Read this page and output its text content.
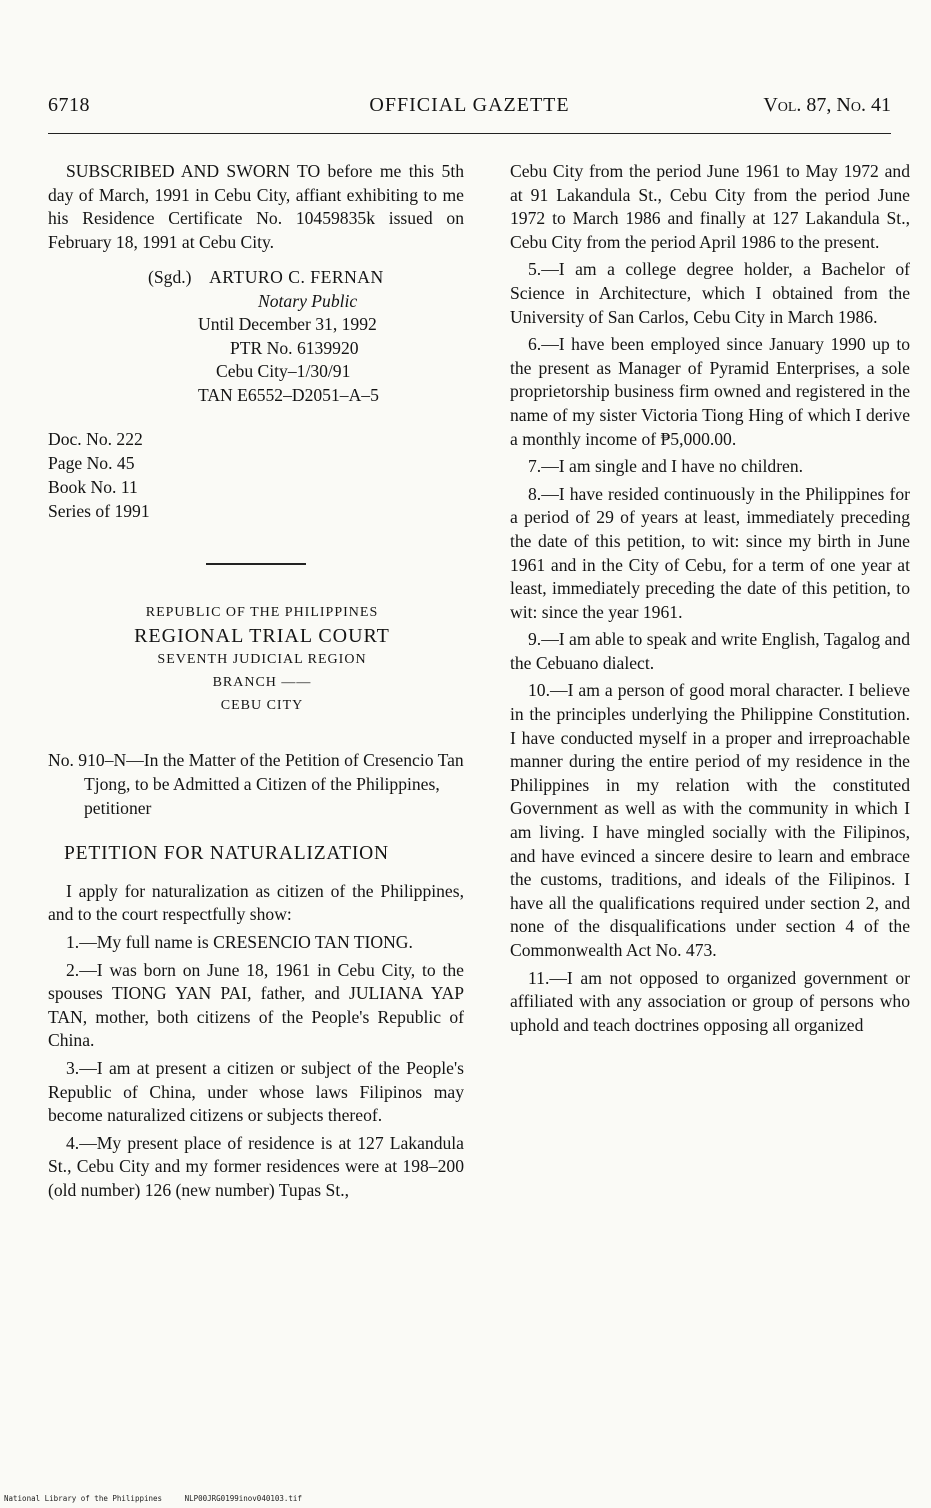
6718	OFFICIAL GAZETTE	Vol. 87, No. 41

SUBSCRIBED AND SWORN TO before me this 5th day of March, 1991 in Cebu City, affiant exhibiting to me his Residence Certificate No. 10459835k issued on February 18, 1991 at Cebu City.

(Sgd.) ARTURO C. FERNAN
Notary Public
Until December 31, 1992
PTR No. 6139920
Cebu City–1/30/91
TAN E6552–D2051–A–5
Doc. No. 222
Page No. 45
Book No. 11
Series of 1991
REPUBLIC OF THE PHILIPPINES
REGIONAL TRIAL COURT
SEVENTH JUDICIAL REGION
BRANCH ——
CEBU CITY

No. 910–N—In the Matter of the Petition of Cresencio Tan Tjong, to be Admitted a Citizen of the Philippines, petitioner

PETITION FOR NATURALIZATION

I apply for naturalization as citizen of the Philippines, and to the court respectfully show:

1.—My full name is CRESENCIO TAN TIONG.

2.—I was born on June 18, 1961 in Cebu City, to the spouses TIONG YAN PAI, father, and JULIANA YAP TAN, mother, both citizens of the People's Republic of China.

3.—I am at present a citizen or subject of the People's Republic of China, under whose laws Filipinos may become naturalized citizens or subjects thereof.

4.—My present place of residence is at 127 Lakandula St., Cebu City and my former residences were at 198–200 (old number) 126 (new number) Tupas St.,

Cebu City from the period June 1961 to May 1972 and at 91 Lakandula St., Cebu City from the period June 1972 to March 1986 and finally at 127 Lakandula St., Cebu City from the period April 1986 to the present.

5.—I am a college degree holder, a Bachelor of Science in Architecture, which I obtained from the University of San Carlos, Cebu City in March 1986.

6.—I have been employed since January 1990 up to the present as Manager of Pyramid Enterprises, a sole proprietorship business firm owned and registered in the name of my sister Victoria Tiong Hing of which I derive a monthly income of ₱5,000.00.

7.—I am single and I have no children.

8.—I have resided continuously in the Philippines for a period of 29 of years at least, immediately preceding the date of this petition, to wit: since my birth in June 1961 and in the City of Cebu, for a term of one year at least, immediately preceding the date of this petition, to wit: since the year 1961.

9.—I am able to speak and write English, Tagalog and the Cebuano dialect.

10.—I am a person of good moral character. I believe in the principles underlying the Philippine Constitution. I have conducted myself in a proper and irreproachable manner during the entire period of my residence in the Philippines in my relation with the constituted Government as well as with the community in which I am living. I have mingled socially with the Filipinos, and have evinced a sincere desire to learn and embrace the customs, traditions, and ideals of the Filipinos. I have all the qualifications required under section 2, and none of the disqualifications under section 4 of the Commonwealth Act No. 473.

11.—I am not opposed to organized government or affiliated with any association or group of persons who uphold and teach doctrines opposing all organized

National Library of the Philippines	NLP00JRG0199inov040103.tif
